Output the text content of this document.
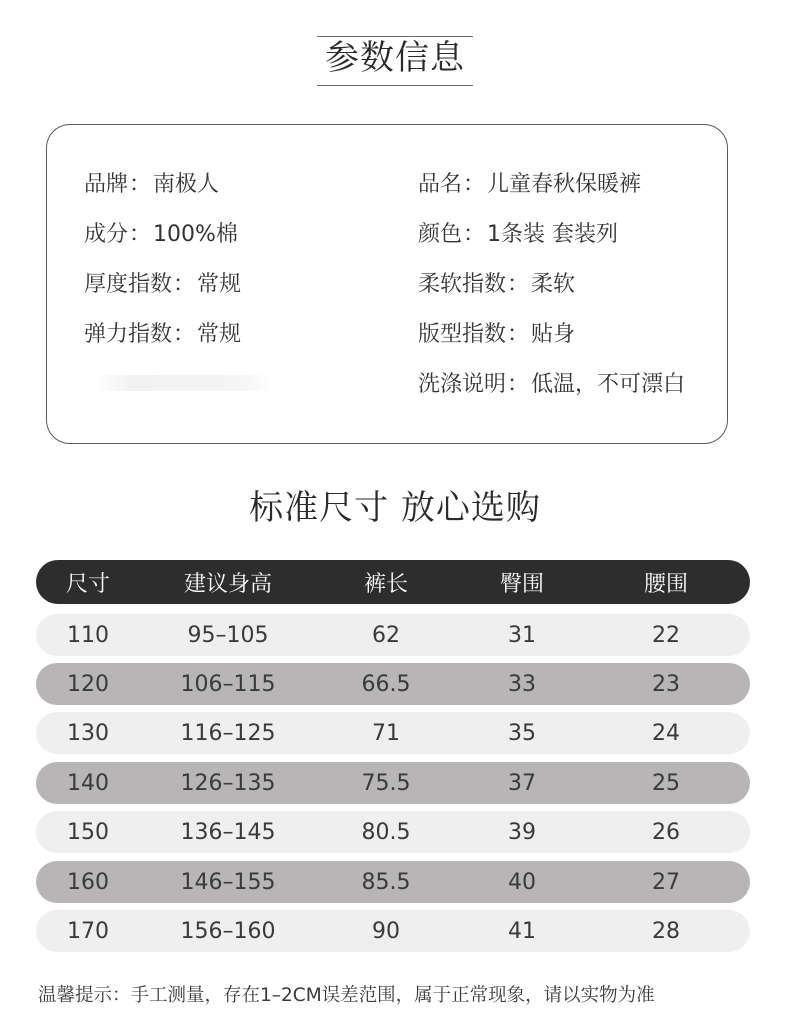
参数信息
品牌：南极人
成分：100%棉
厚度指数：常规
弹力指数：常规
品名：儿童春秋保暖裤
颜色：1条装 套装列
柔软指数：柔软
版型指数：贴身
洗涤说明：低温，不可漂白
标准尺寸 放心选购
尺寸	建议身高	裤长	臀围	腰围
110	95–105	62	31	22
120	106–115	66.5	33	23
130	116–125	71	35	24
140	126–135	75.5	37	25
150	136–145	80.5	39	26
160	146–155	85.5	40	27
170	156–160	90	41	28
温馨提示：手工测量，存在1–2CM误差范围，属于正常现象，请以实物为准
